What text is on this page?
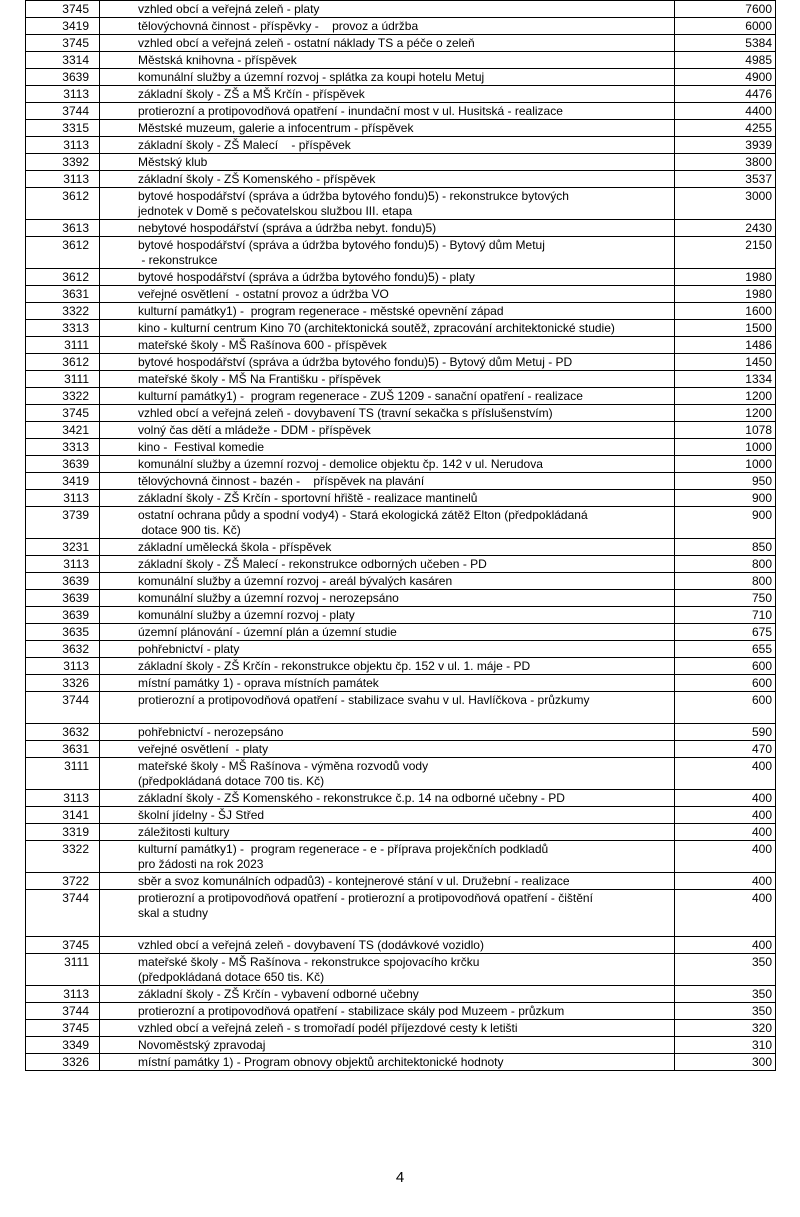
3745	vzhled obcí a veřejná zeleň - platy	7600
3419	tělovýchovná činnost - příspěvky -    provoz a údržba	6000
3745	vzhled obcí a veřejná zeleň - ostatní náklady TS a péče o zeleň	5384
3314	Městská knihovna - příspěvek	4985
3639	komunální služby a územní rozvoj - splátka za koupi hotelu Metuj	4900
3113	základní školy - ZŠ a MŠ Krčín - příspěvek	4476
3744	protierozní a protipovodňová opatření - inundační most v ul. Husitská - realizace	4400
3315	Městské muzeum, galerie a infocentrum - příspěvek	4255
3113	základní školy - ZŠ Malecí    - příspěvek	3939
3392	Městský klub	3800
3113	základní školy - ZŠ Komenského - příspěvek	3537
3612	bytové hospodářství (správa a údržba bytového fondu)5) - rekonstrukce bytových
jednotek v Domě s pečovatelskou službou III. etapa	3000
3613	nebytové hospodářství (správa a údržba nebyt. fondu)5)	2430
3612	bytové hospodářství (správa a údržba bytového fondu)5) - Bytový dům Metuj
- rekonstrukce	2150
3612	bytové hospodářství (správa a údržba bytového fondu)5) - platy	1980
3631	veřejné osvětlení  - ostatní provoz a údržba VO	1980
3322	kulturní památky1) -  program regenerace - městské opevnění západ	1600
3313	kino - kulturní centrum Kino 70 (architektonická soutěž, zpracování architektonické studie)	1500
3111	mateřské školy - MŠ Rašínova 600 - příspěvek	1486
3612	bytové hospodářství (správa a údržba bytového fondu)5) - Bytový dům Metuj - PD	1450
3111	mateřské školy - MŠ Na Františku - příspěvek	1334
3322	kulturní památky1) -  program regenerace - ZUŠ 1209 - sanační opatření - realizace	1200
3745	vzhled obcí a veřejná zeleň - dovybavení TS (travní sekačka s příslušenstvím)	1200
3421	volný čas dětí a mládeže - DDM - příspěvek	1078
3313	kino -  Festival komedie	1000
3639	komunální služby a územní rozvoj - demolice objektu čp. 142 v ul. Nerudova	1000
3419	tělovýchovná činnost - bazén -    příspěvek na plavání	950
3113	základní školy - ZŠ Krčín - sportovní hřiště - realizace mantinelů	900
3739	ostatní ochrana půdy a spodní vody4) - Stará ekologická zátěž Elton (předpokládaná
dotace 900 tis. Kč)	900
3231	základní umělecká škola - příspěvek	850
3113	základní školy - ZŠ Malecí - rekonstrukce odborných učeben - PD	800
3639	komunální služby a územní rozvoj - areál bývalých kasáren	800
3639	komunální služby a územní rozvoj - nerozepsáno	750
3639	komunální služby a územní rozvoj - platy	710
3635	územní plánování - územní plán a územní studie	675
3632	pohřebnictví - platy	655
3113	základní školy - ZŠ Krčín - rekonstrukce objektu čp. 152 v ul. 1. máje - PD	600
3326	místní památky 1) - oprava místních památek	600
3744	protierozní a protipovodňová opatření - stabilizace svahu v ul. Havlíčkova - průzkumy	600
3632	pohřebnictví - nerozepsáno	590
3631	veřejné osvětlení  - platy	470
3111	mateřské školy - MŠ Rašínova - výměna rozvodů vody
(předpokládaná dotace 700 tis. Kč)	400
3113	základní školy - ZŠ Komenského - rekonstrukce č.p. 14 na odborné učebny - PD	400
3141	školní jídelny - ŠJ Střed	400
3319	záležitosti kultury	400
3322	kulturní památky1) -  program regenerace - e - příprava projekčních podkladů
pro žádosti na rok 2023	400
3722	sběr a svoz komunálních odpadů3) - kontejnerové stání v ul. Družební - realizace	400
3744	protierozní a protipovodňová opatření - protierozní a protipovodňová opatření - čištění
skal a studny	400
3745	vzhled obcí a veřejná zeleň - dovybavení TS (dodávkové vozidlo)	400
3111	mateřské školy - MŠ Rašínova - rekonstrukce spojovacího krčku
(předpokládaná dotace 650 tis. Kč)	350
3113	základní školy - ZŠ Krčín - vybavení odborné učebny	350
3744	protierozní a protipovodňová opatření - stabilizace skály pod Muzeem - průzkum	350
3745	vzhled obcí a veřejná zeleň - s tromořadí podél příjezdové cesty k letišti	320
3349	Novoměstský zpravodaj	310
3326	místní památky 1) - Program obnovy objektů architektonické hodnoty	300
4
